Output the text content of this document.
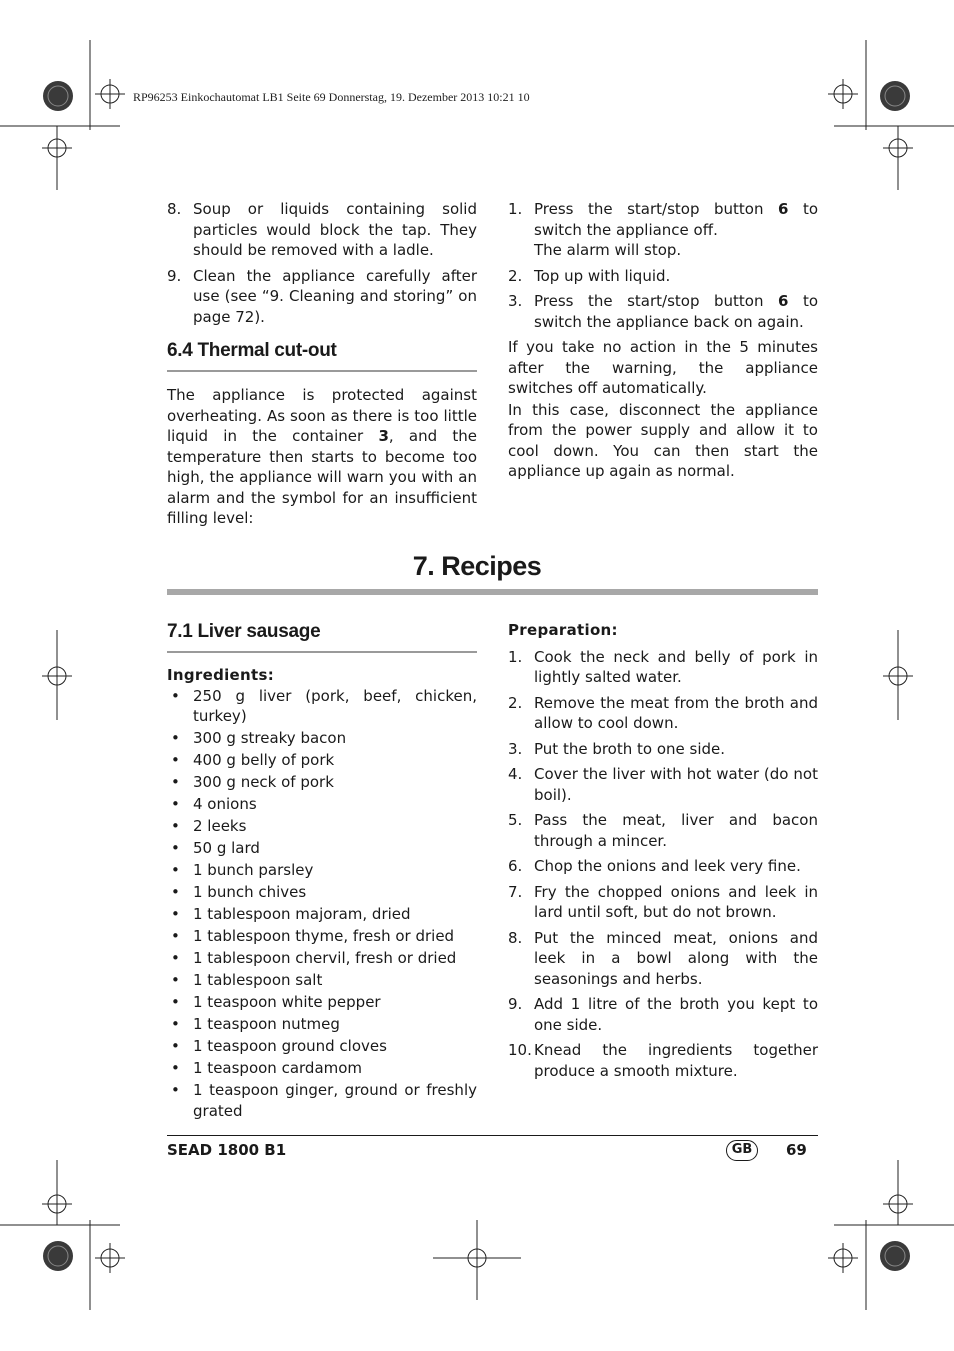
RP96253 Einkochautomat LB1 Seite 69 Donnerstag, 19. Dezember 2013 10:21 10
8. Soup or liquids containing solid particles would block the tap. They should be removed with a ladle.
9. Clean the appliance carefully after use (see “9. Cleaning and storing” on page 72).
6.4 Thermal cut-out

The appliance is protected against overheating. As soon as there is too little liquid in the container 3, and the temperature then starts to become too high, the appliance will warn you with an alarm and the symbol for an insufficient filling level:

1. Press the start/stop button 6 to switch the appliance off.
The alarm will stop.
2. Top up with liquid.
3. Press the start/stop button 6 to switch the appliance back on again.

If you take no action in the 5 minutes after the warning, the appliance switches off automatically.

In this case, disconnect the appliance from the power supply and allow it to cool down. You can then start the appliance up again as normal.

7. Recipes
7.1 Liver sausage
Ingredients:
• 250 g liver (pork, beef, chicken, turkey)
• 300 g streaky bacon
• 400 g belly of pork
• 300 g neck of pork
• 4 onions
• 2 leeks
• 50 g lard
• 1 bunch parsley
• 1 bunch chives
• 1 tablespoon majoram, dried
• 1 tablespoon thyme, fresh or dried
• 1 tablespoon chervil, fresh or dried
• 1 tablespoon salt
• 1 teaspoon white pepper
• 1 teaspoon nutmeg
• 1 teaspoon ground cloves
• 1 teaspoon cardamom
• 1 teaspoon ginger, ground or freshly grated
Preparation:
1. Cook the neck and belly of pork in lightly salted water.
2. Remove the meat from the broth and allow to cool down.
3. Put the broth to one side.
4. Cover the liver with hot water (do not boil).
5. Pass the meat, liver and bacon through a mincer.
6. Chop the onions and leek very fine.
7. Fry the chopped onions and leek in lard until soft, but do not brown.
8. Put the minced meat, onions and leek in a bowl along with the seasonings and herbs.
9. Add 1 litre of the broth you kept to one side.
10. Knead the ingredients together produce a smooth mixture.
SEAD 1800 B1	GB	69
